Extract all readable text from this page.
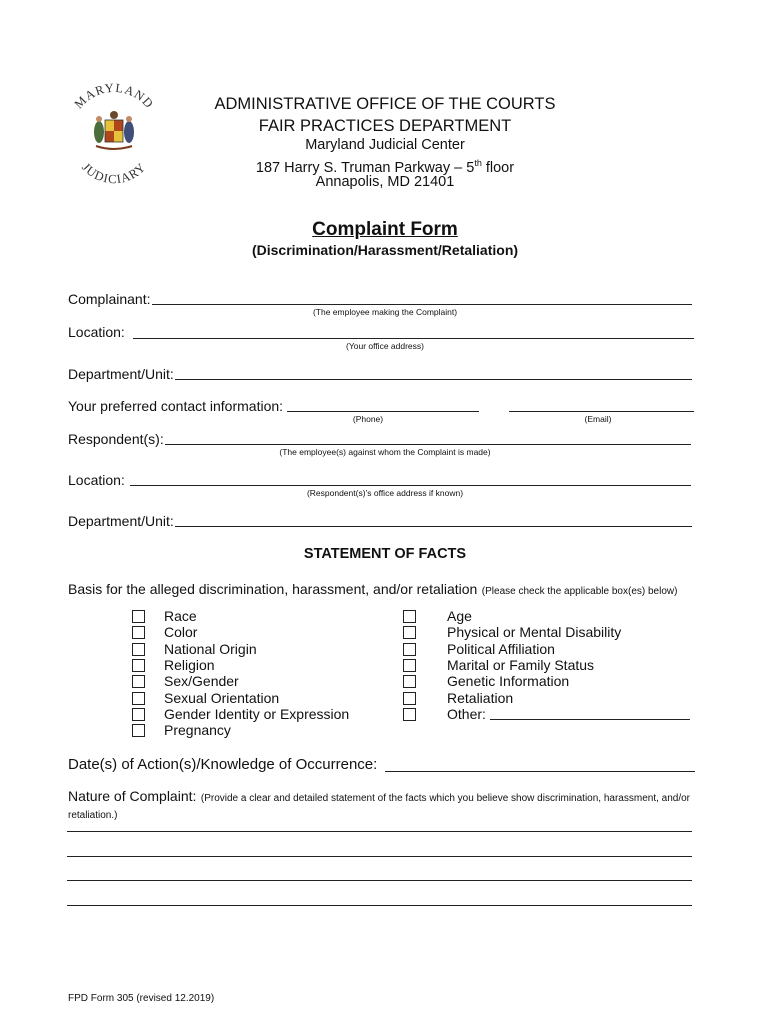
MARYLAND
JUDICIARY
ADMINISTRATIVE OFFICE OF THE COURTS
FAIR PRACTICES DEPARTMENT
Maryland Judicial Center
187 Harry S. Truman Parkway – 5th floor
Annapolis, MD 21401
Complaint Form
(Discrimination/Harassment/Retaliation)
Complainant:
(The employee making the Complaint)
Location:
(Your office address)
Department/Unit:
Your preferred contact information:
(Phone)	(Email)
Respondent(s):
(The employee(s) against whom the Complaint is made)
Location:
(Respondent(s)’s office address if known)
Department/Unit:
STATEMENT OF FACTS
Basis for the alleged discrimination, harassment, and/or retaliation (Please check the applicable box(es) below)
Race
Color
National Origin
Religion
Sex/Gender
Sexual Orientation
Gender Identity or Expression
Pregnancy
Age
Physical or Mental Disability
Political Affiliation
Marital or Family Status
Genetic Information
Retaliation
Other:
Date(s) of Action(s)/Knowledge of Occurrence:
Nature of Complaint: (Provide a clear and detailed statement of the facts which you believe show discrimination, harassment, and/or retaliation.)
FPD Form 305 (revised 12.2019)
